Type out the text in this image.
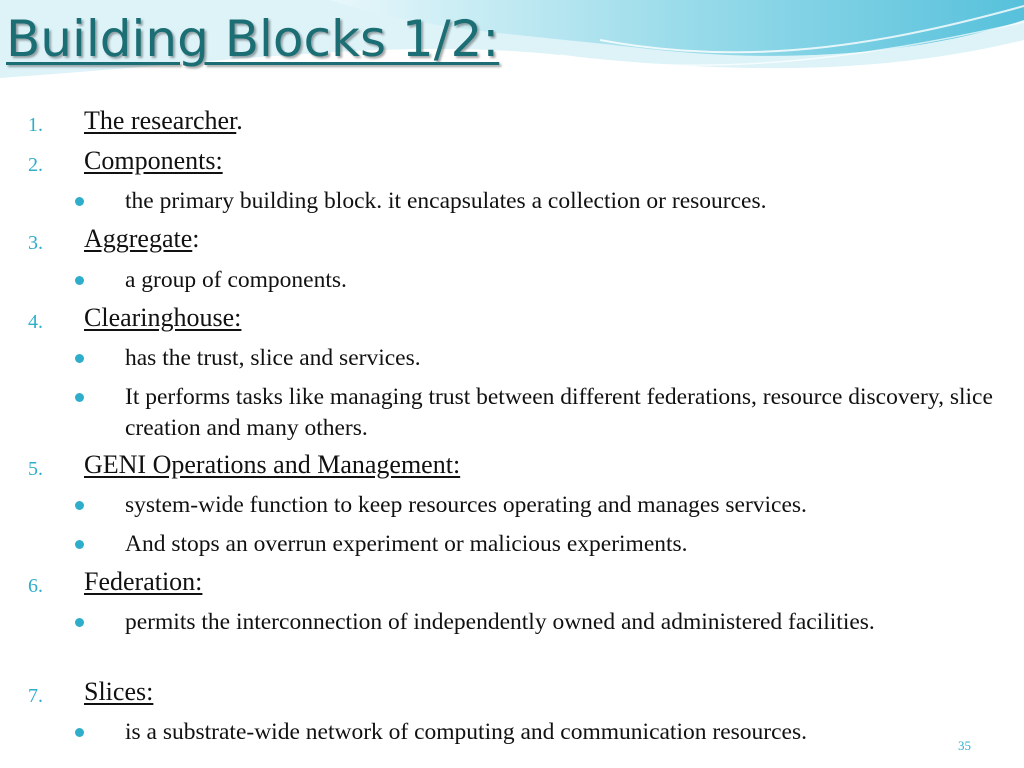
Building Blocks 1/2:
1. The researcher.
2. Components:
the primary building block. it encapsulates a collection or resources.
3. Aggregate:
a group of components.
4. Clearinghouse:
has the trust, slice and services.
It performs tasks like managing trust between different federations, resource discovery, slice creation and many others.
5. GENI Operations and Management:
system-wide function to keep resources operating and manages services.
And stops an overrun experiment or malicious experiments.
6. Federation:
permits the interconnection of independently owned and administered facilities.
7. Slices:
is a substrate-wide network of computing and communication resources.
35
